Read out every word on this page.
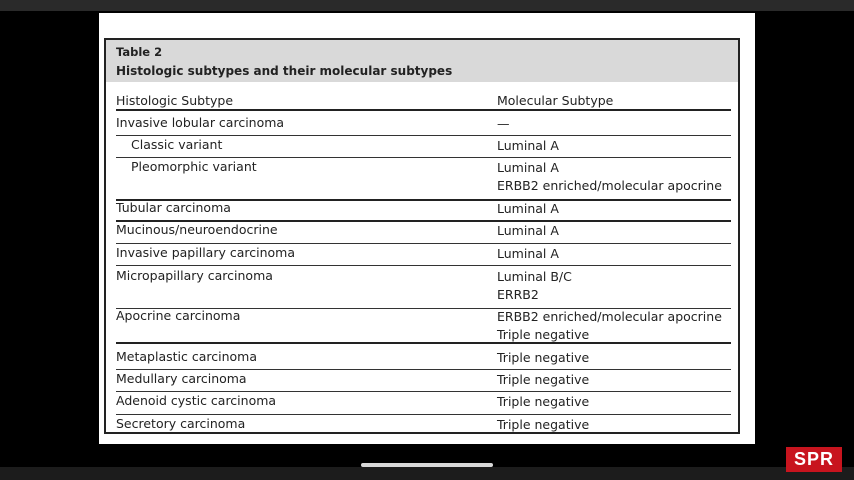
Table 2
Histologic subtypes and their molecular subtypes
Histologic Subtype	Molecular Subtype
Invasive lobular carcinoma	—
Classic variant	Luminal A
Pleomorphic variant	Luminal A
ERBB2 enriched/molecular apocrine
Tubular carcinoma	Luminal A
Mucinous/neuroendocrine	Luminal A
Invasive papillary carcinoma	Luminal A
Micropapillary carcinoma	Luminal B/C
ERRB2
Apocrine carcinoma	ERBB2 enriched/molecular apocrine
Triple negative
Metaplastic carcinoma	Triple negative
Medullary carcinoma	Triple negative
Adenoid cystic carcinoma	Triple negative
Secretory carcinoma	Triple negative
SPR
